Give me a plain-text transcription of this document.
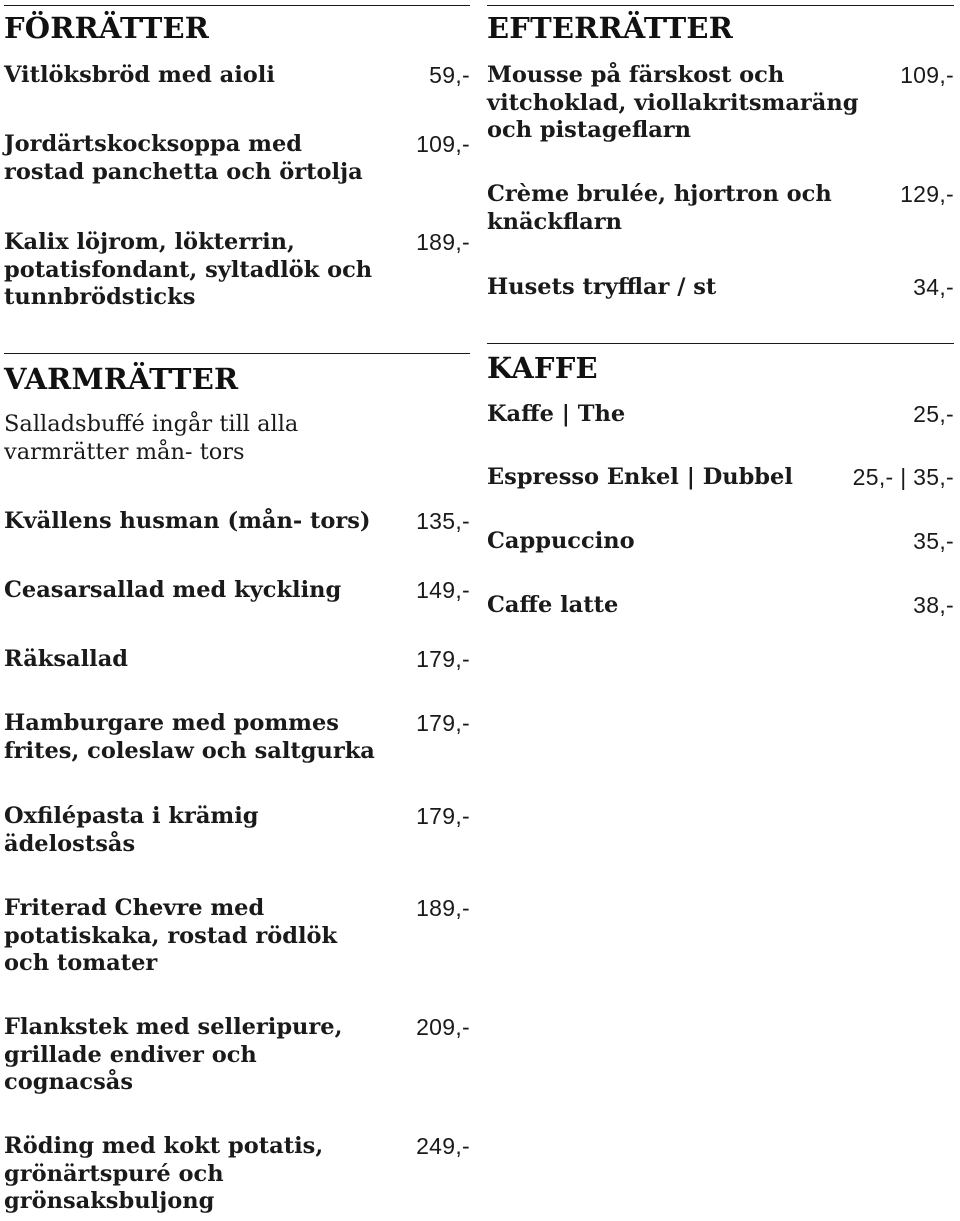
FÖRRÄTTER
Vitlöksbröd med aioli	59,-
Jordärtskocksoppa med
rostad panchetta och örtolja
109,-
Kalix löjrom, lökterrin,
potatisfondant, syltadlök och
tunnbrödsticks
189,-
VARMRÄTTER
Salladsbuffé ingår till alla
varmrätter mån- tors
Kvällens husman (mån- tors)	135,-
Ceasarsallad med kyckling	149,-
Räksallad	179,-
Hamburgare med pommes
frites, coleslaw och saltgurka
179,-
Oxfilépasta i krämig
ädelostsås
179,-
Friterad Chevre med
potatiskaka, rostad rödlök
och tomater
189,-
Flankstek med selleripure,
grillade endiver och
cognacsås
209,-
Röding med kokt potatis,
grönärtspuré och
grönsaksbuljong
249,-
EFTERRÄTTER
Mousse på färskost och
vitchoklad, viollakritsmaräng
och pistageflarn
109,-
Crème brulée, hjortron och
knäckflarn
129,-
Husets tryfflar / st	34,-
KAFFE
Kaffe | The	25,-
Espresso Enkel | Dubbel	25,- | 35,-
Cappuccino	35,-
Caffe latte	38,-
